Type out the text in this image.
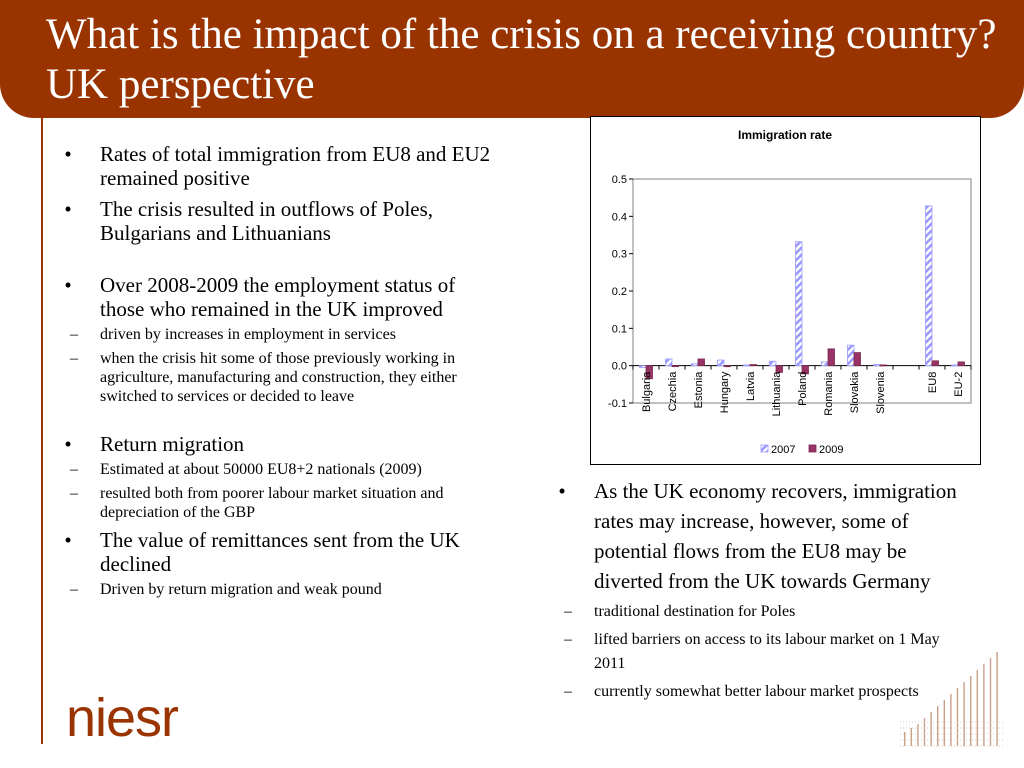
What is the impact of the crisis on a receiving country? UK perspective
•	Rates of total immigration from EU8 and EU2 remained positive
•	The crisis resulted in outflows of Poles, Bulgarians and Lithuanians
•	Over 2008-2009 the employment status of those who remained in the UK improved
– driven by increases in employment in services
– when the crisis hit some of those previously working in agriculture, manufacturing and construction, they either switched to services or decided to leave
•	Return migration
– Estimated at about 50000 EU8+2 nationals (2009)
– resulted both from poorer labour market situation and depreciation of the GBP
•	The value of remittances sent from the UK declined
– Driven by return migration and weak pound
Immigration rate
0.5
0.4
0.3
0.2
0.1
0.0
-0.1 Bulgaria Czechia Estonia Hungary Latvia Lithuania Poland Romania Slovakia Slovenia	EU8 EU-2
2007 2009
•	As the UK economy recovers, immigration rates may increase, however, some of potential flows from the EU8 may be diverted from the UK towards Germany
– traditional destination for Poles
– lifted barriers on access to its labour market on 1 May 2011
– currently somewhat better labour market prospects
niesr
